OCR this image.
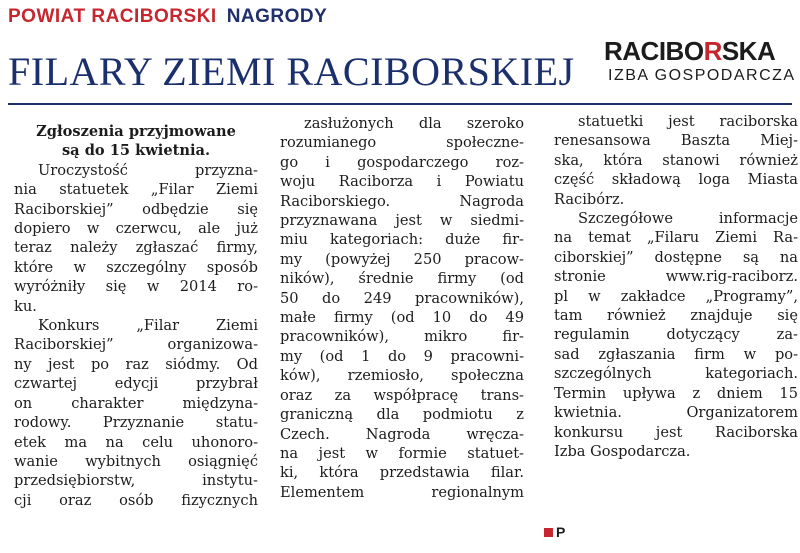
POWIAT RACIBORSKI NAGRODY
FILARY ZIEMI RACIBORSKIEJ RACIBORSKA
IZBA GOSPODARCZA
Zgłoszenia przyjmowane
są do 15 kwietnia.
Uroczystość przyzna-
nia statuetek „Filar Ziemi
Raciborskiej” odbędzie się
dopiero w czerwcu, ale już
teraz należy zgłaszać firmy,
które w szczególny sposób
wyróżniły się w 2014 ro-
ku.
Konkurs „Filar Ziemi
Raciborskiej” organizowa-
ny jest po raz siódmy. Od
czwartej edycji przybrał
on charakter międzyna-
rodowy. Przyznanie statu-
etek ma na celu uhonoro-
wanie wybitnych osiągnięć
przedsiębiorstw, instytu-
cji oraz osób fizycznych
zasłużonych dla szeroko
rozumianego społeczne-
go i gospodarczego roz-
woju Raciborza i Powiatu
Raciborskiego. Nagroda
przyznawana jest w siedmi-
miu kategoriach: duże fir-
my (powyżej 250 pracow-
ników), średnie firmy (od
50 do 249 pracowników),
małe firmy (od 10 do 49
pracowników), mikro fir-
my (od 1 do 9 pracowni-
ków), rzemiosło, społeczna
oraz za współpracę trans-
graniczną dla podmiotu z
Czech. Nagroda wręcza-
na jest w formie statuet-
ki, która przedstawia filar.
Elementem regionalnym
statuetki jest raciborska
renesansowa Baszta Miej-
ska, która stanowi również
część składową loga Miasta
Racibórz.
Szczegółowe informacje
na temat „Filaru Ziemi Ra-
ciborskiej” dostępne są na
stronie www.rig-raciborz.
pl w zakładce „Programy”,
tam również znajduje się
regulamin dotyczący za-
sad zgłaszania firm w po-
szczególnych kategoriach.
Termin upływa z dniem 15
kwietnia. Organizatorem
konkursu jest Raciborska
Izba Gospodarcza.
P
